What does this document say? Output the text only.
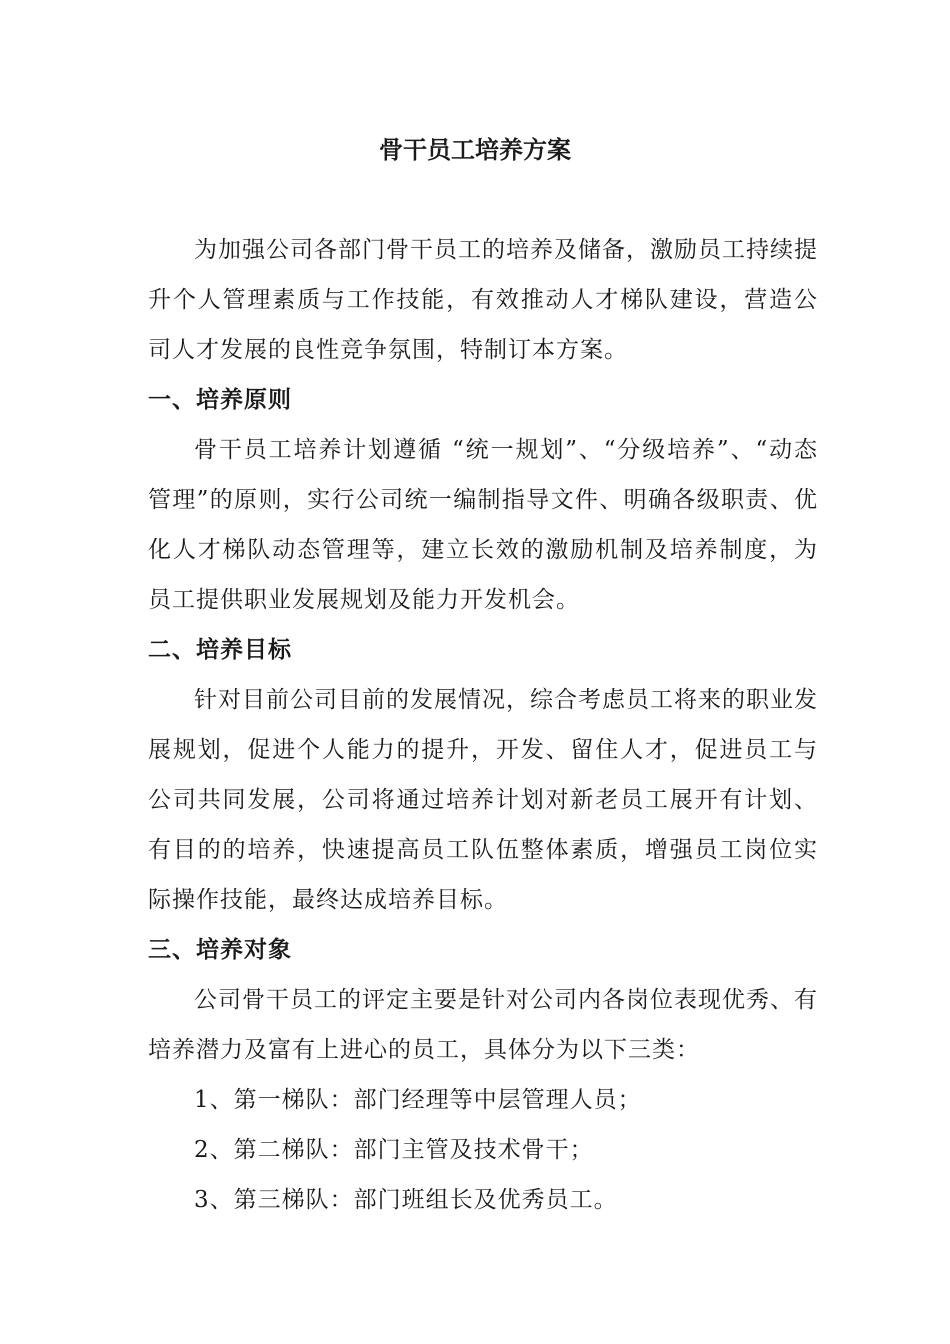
骨干员工培养方案

为加强公司各部门骨干员工的培养及储备，激励员工持续提升个人管理素质与工作技能，有效推动人才梯队建设，营造公司人才发展的良性竞争氛围，特制订本方案。

一、培养原则

骨干员工培养计划遵循 “统一规划”、“分级培养”、“动态管理”的原则，实行公司统一编制指导文件、明确各级职责、优化人才梯队动态管理等，建立长效的激励机制及培养制度，为员工提供职业发展规划及能力开发机会。

二、培养目标

针对目前公司目前的发展情况，综合考虑员工将来的职业发展规划，促进个人能力的提升，开发、留住人才，促进员工与公司共同发展，公司将通过培养计划对新老员工展开有计划、有目的的培养，快速提高员工队伍整体素质，增强员工岗位实际操作技能，最终达成培养目标。

三、培养对象

公司骨干员工的评定主要是针对公司内各岗位表现优秀、有培养潜力及富有上进心的员工，具体分为以下三类：

1、第一梯队：部门经理等中层管理人员；

2、第二梯队：部门主管及技术骨干；

3、第三梯队：部门班组长及优秀员工。
